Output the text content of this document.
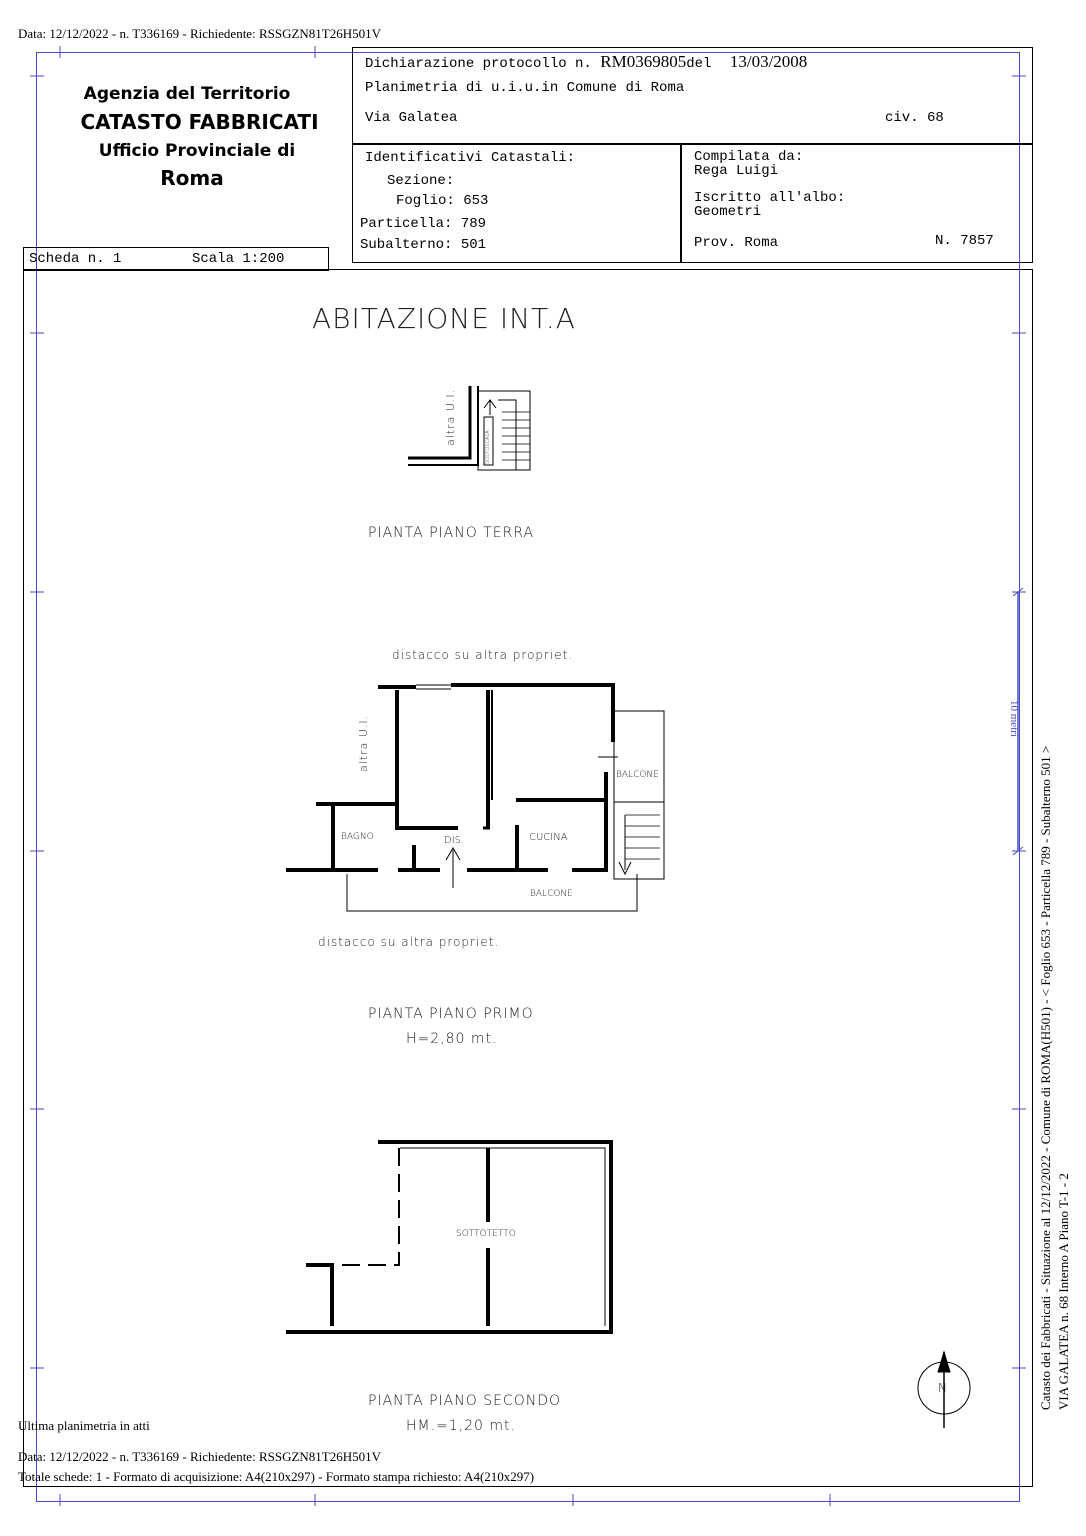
Data: 12/12/2022 - n. T336169 - Richiedente: RSSGZN81T26H501V
Agenzia del Territorio
CATASTO FABBRICATI
Ufficio Provinciale di
Roma
Dichiarazione protocollo n. RM0369805del 13/03/2008
Planimetria di u.i.u.in Comune di Roma
Via Galatea	civ. 68
Identificativi Catastali:
Sezione:
Foglio: 653
Particella: 789
Subalterno: 501
Compilata da:
Rega Luigi
Iscritto all'albo:
Geometri
Prov. Roma	N. 7857
Scheda n. 1	Scala 1:200
ABITAZIONE INT.A
altra U.I.
SOSTOSCALA
PIANTA PIANO TERRA
distacco su altra propriet.
altra U.I.
BALCONE
BAGNO	DIS.	CUCINA
BALCONE
distacco su altra propriet.
PIANTA PIANO PRIMO
H=2,80 mt.
SOTTOTETTO
PIANTA PIANO SECONDO
HM.=1,20 mt.
N
10 metri
Ultima planimetria in atti
Data: 12/12/2022 - n. T336169 - Richiedente: RSSGZN81T26H501V
Totale schede: 1 - Formato di acquisizione: A4(210x297) - Formato stampa richiesto: A4(210x297)
Catasto dei Fabbricati - Situazione al 12/12/2022 - Comune di ROMA(H501) - < Foglio 653 - Particella 789 - Subalterno 501 > VIA GALATEA n. 68 Interno A Piano T-1 - 2
